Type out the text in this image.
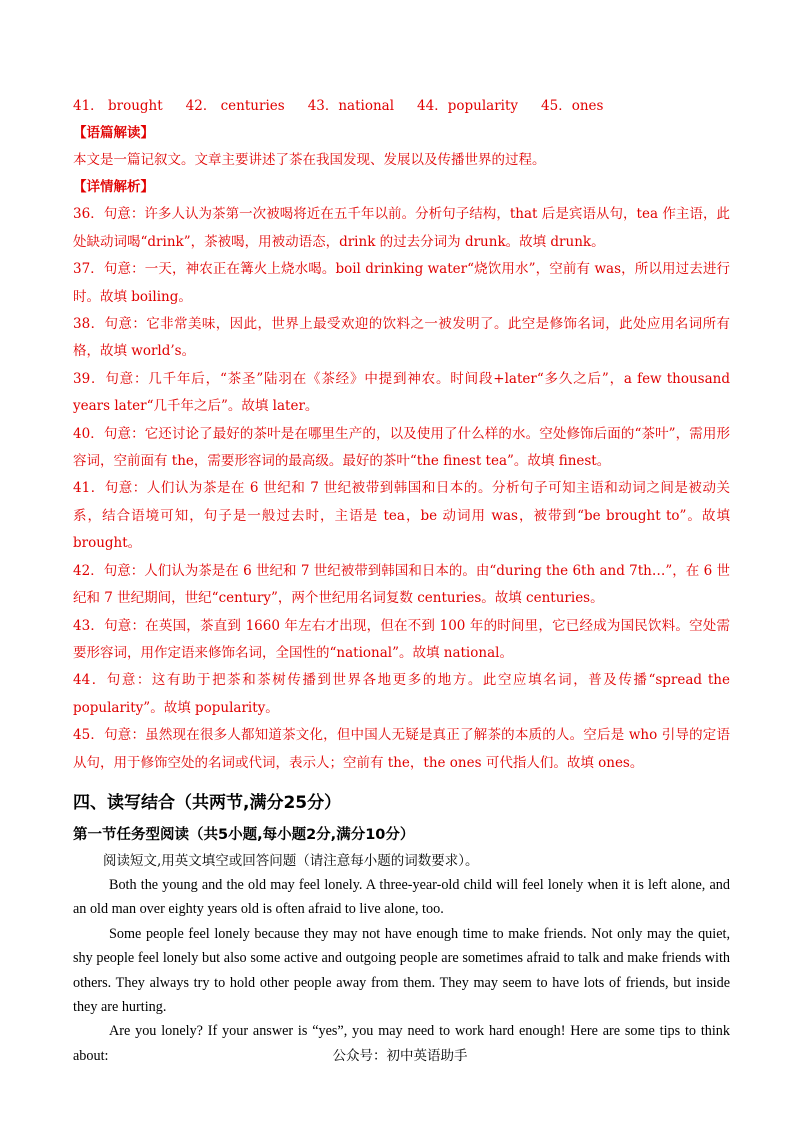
41． brought 42． centuries 43．national 44．popularity 45．ones
【语篇解读】

本文是一篇记叙文。文章主要讲述了茶在我国发现、发展以及传播世界的过程。

【详情解析】

36．句意：许多人认为茶第一次被喝将近在五千年以前。分析句子结构，that 后是宾语从句，tea 作主语，此处缺动词喝“drink”，茶被喝，用被动语态，drink 的过去分词为 drunk。故填 drunk。

37．句意：一天，神农正在篝火上烧水喝。boil drinking water“烧饮用水”，空前有 was，所以用过去进行时。故填 boiling。

38．句意：它非常美味，因此，世界上最受欢迎的饮料之一被发明了。此空是修饰名词，此处应用名词所有格，故填 world’s。

39．句意：几千年后，“茶圣”陆羽在《茶经》中提到神农。时间段+later“多久之后”，a few thousand years later“几千年之后”。故填 later。

40．句意：它还讨论了最好的茶叶是在哪里生产的，以及使用了什么样的水。空处修饰后面的“茶叶”，需用形容词，空前面有 the，需要形容词的最高级。最好的茶叶“the finest tea”。故填 finest。

41．句意：人们认为茶是在 6 世纪和 7 世纪被带到韩国和日本的。分析句子可知主语和动词之间是被动关系，结合语境可知，句子是一般过去时，主语是 tea，be 动词用 was，被带到“be brought to”。故填 brought。

42．句意：人们认为茶是在 6 世纪和 7 世纪被带到韩国和日本的。由“during the 6th and 7th…”，在 6 世纪和 7 世纪期间，世纪“century”，两个世纪用名词复数 centuries。故填 centuries。

43．句意：在英国，茶直到 1660 年左右才出现，但在不到 100 年的时间里，它已经成为国民饮料。空处需要形容词，用作定语来修饰名词，全国性的“national”。故填 national。

44．句意：这有助于把茶和茶树传播到世界各地更多的地方。此空应填名词，普及传播“spread the popularity”。故填 popularity。

45．句意：虽然现在很多人都知道茶文化，但中国人无疑是真正了解茶的本质的人。空后是 who 引导的定语从句，用于修饰空处的名词或代词，表示人；空前有 the，the ones 可代指人们。故填 ones。

四、读写结合（共两节,满分25分）
第一节任务型阅读（共5小题,每小题2分,满分10分）
阅读短文,用英文填空或回答问题（请注意每小题的词数要求）。

Both the young and the old may feel lonely. A three-year-old child will feel lonely when it is left alone, and an old man over eighty years old is often afraid to live alone, too.

Some people feel lonely because they may not have enough time to make friends. Not only may the quiet, shy people feel lonely but also some active and outgoing people are sometimes afraid to talk and make friends with others. They always try to hold other people away from them. They may seem to have lots of friends, but inside they are hurting.

Are you lonely? If your answer is “yes”, you may need to work hard enough! Here are some tips to think about:	公众号：初中英语助手
